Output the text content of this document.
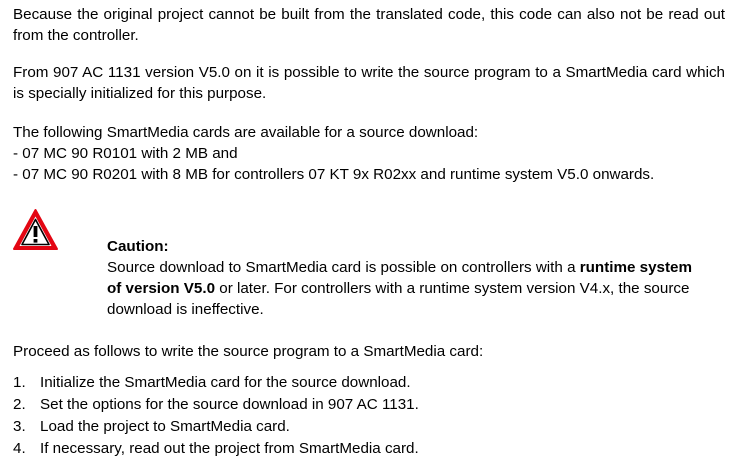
Because the original project cannot be built from the translated code, this code can also not be read out from the controller.

From 907 AC 1131 version V5.0 on it is possible to write the source program to a SmartMedia card which is specially initialized for this purpose.

The following SmartMedia cards are available for a source download:
- 07 MC 90 R0101 with 2 MB and
- 07 MC 90 R0201 with 8 MB for controllers 07 KT 9x R02xx and runtime system V5.0 onwards.
Caution:
Source download to SmartMedia card is possible on controllers with a runtime system of version V5.0 or later. For controllers with a runtime system version V4.x, the source download is ineffective.

Proceed as follows to write the source program to a SmartMedia card:

1. Initialize the SmartMedia card for the source download.
2. Set the options for the source download in 907 AC 1131.
3. Load the project to SmartMedia card.
4. If necessary, read out the project from SmartMedia card.
